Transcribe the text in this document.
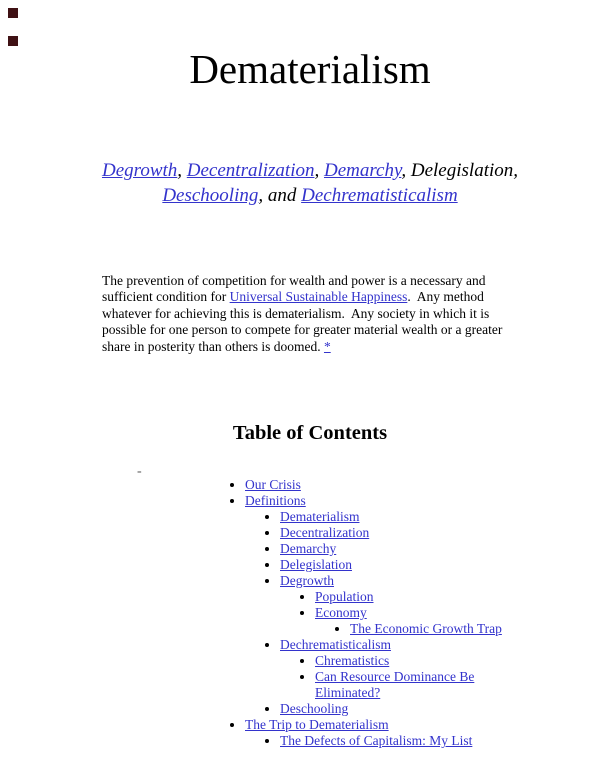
Dematerialism
Degrowth, Decentralization, Demarchy, Delegislation,
Deschooling, and Dechrematisticalism

The prevention of competition for wealth and power is a necessary and sufficient condition for Universal Sustainable Happiness.  Any method whatever for achieving this is dematerialism.  Any society in which it is possible for one person to compete for greater material wealth or a greater share in posterity than others is doomed. *

Table of Contents
-
• Our Crisis
• Definitions
• Dematerialism
• Decentralization
• Demarchy
• Delegislation
• Degrowth
• Population
• Economy
• The Economic Growth Trap
• Dechrematisticalism
• Chrematistics
• Can Resource Dominance Be Eliminated?
• Deschooling
• The Trip to Dematerialism
• The Defects of Capitalism: My List
